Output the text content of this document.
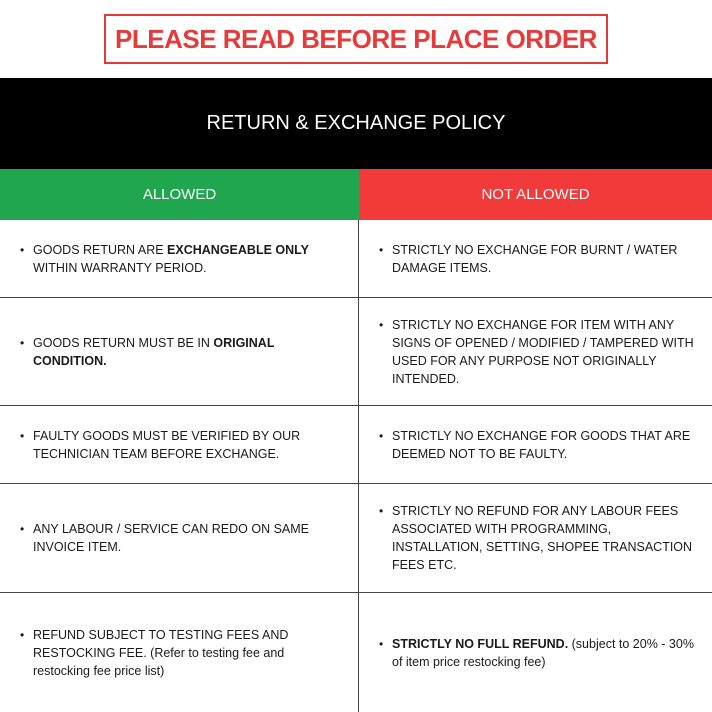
PLEASE READ BEFORE PLACE ORDER
RETURN & EXCHANGE POLICY
ALLOWED	NOT ALLOWED
• GOODS RETURN ARE EXCHANGEABLE ONLY WITHIN WARRANTY PERIOD.
• STRICTLY NO EXCHANGE FOR BURNT / WATER DAMAGE ITEMS.
• GOODS RETURN MUST BE IN ORIGINAL CONDITION.
• STRICTLY NO EXCHANGE FOR ITEM WITH ANY SIGNS OF OPENED / MODIFIED / TAMPERED WITH USED FOR ANY PURPOSE NOT ORIGINALLY INTENDED.
• FAULTY GOODS MUST BE VERIFIED BY OUR TECHNICIAN TEAM BEFORE EXCHANGE.
• STRICTLY NO EXCHANGE FOR GOODS THAT ARE DEEMED NOT TO BE FAULTY.
• ANY LABOUR / SERVICE CAN REDO ON SAME INVOICE ITEM.
• STRICTLY NO REFUND FOR ANY LABOUR FEES ASSOCIATED WITH PROGRAMMING, INSTALLATION, SETTING, SHOPEE TRANSACTION FEES ETC.
• REFUND SUBJECT TO TESTING FEES AND RESTOCKING FEE. (Refer to testing fee and restocking fee price list)
• STRICTLY NO FULL REFUND. (subject to 20% - 30% of item price restocking fee)
